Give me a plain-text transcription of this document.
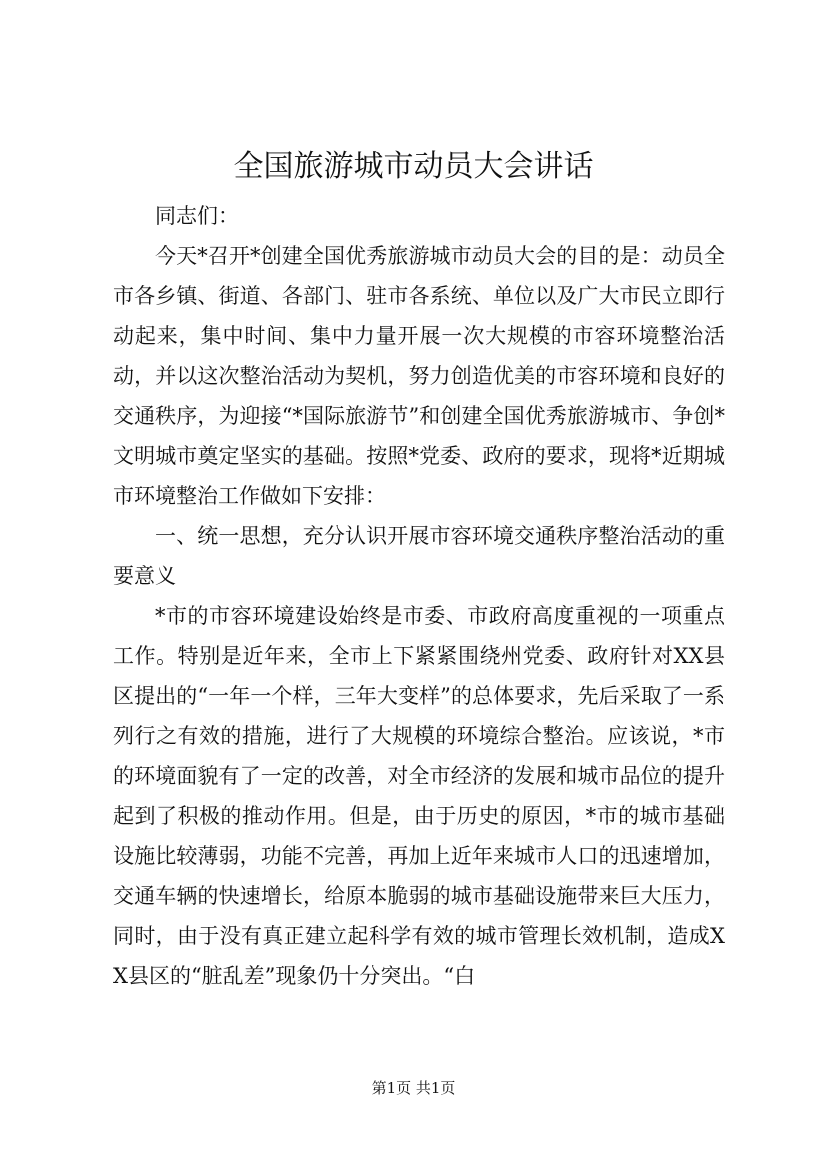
全国旅游城市动员大会讲话

同志们：

今天*召开*创建全国优秀旅游城市动员大会的目的是：动员全市各乡镇、街道、各部门、驻市各系统、单位以及广大市民立即行动起来，集中时间、集中力量开展一次大规模的市容环境整治活动，并以这次整治活动为契机，努力创造优美的市容环境和良好的交通秩序，为迎接“*国际旅游节”和创建全国优秀旅游城市、争创*文明城市奠定坚实的基础。按照*党委、政府的要求，现将*近期城市环境整治工作做如下安排：

一、统一思想，充分认识开展市容环境交通秩序整治活动的重要意义

*市的市容环境建设始终是市委、市政府高度重视的一项重点工作。特别是近年来，全市上下紧紧围绕州党委、政府针对XX县区提出的“一年一个样，三年大变样”的总体要求，先后采取了一系列行之有效的措施，进行了大规模的环境综合整治。应该说，*市的环境面貌有了一定的改善，对全市经济的发展和城市品位的提升起到了积极的推动作用。但是，由于历史的原因，*市的城市基础设施比较薄弱，功能不完善，再加上近年来城市人口的迅速增加，交通车辆的快速增长，给原本脆弱的城市基础设施带来巨大压力，同时，由于没有真正建立起科学有效的城市管理长效机制，造成XX县区的“脏乱差”现象仍十分突出。“白

第1页 共1页
